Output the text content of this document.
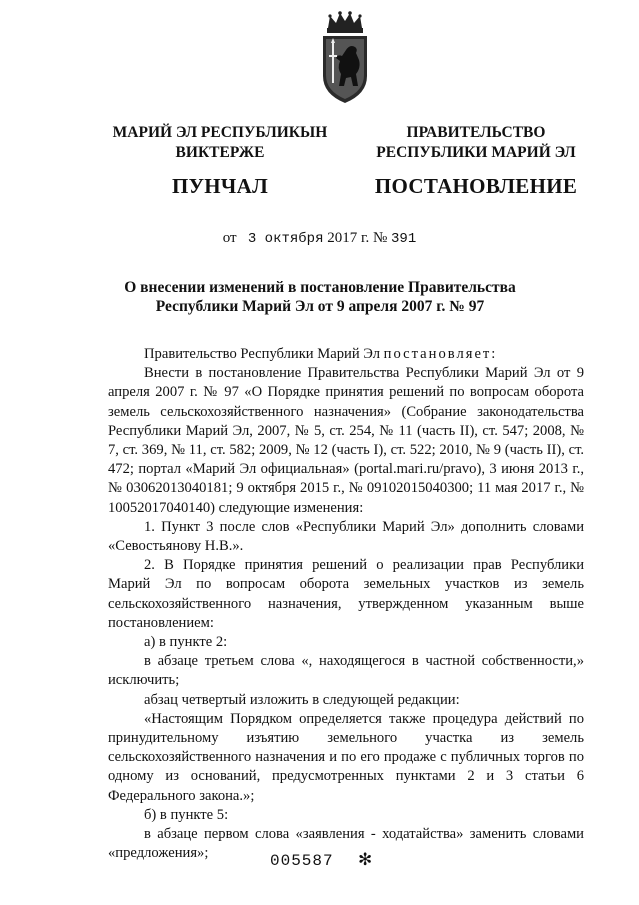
МАРИЙ ЭЛ РЕСПУБЛИКЫН
ВИКТЕРЖЕ
ПУНЧАЛ
ПРАВИТЕЛЬСТВО
РЕСПУБЛИКИ МАРИЙ ЭЛ
ПОСТАНОВЛЕНИЕ
от 3 октября 2017 г. № 391
О внесении изменений в постановление Правительства
Республики Марий Эл от 9 апреля 2007 г. № 97

Правительство Республики Марий Эл постановляет:

Внести в постановление Правительства Республики Марий Эл от 9 апреля 2007 г. № 97 «О Порядке принятия решений по вопросам оборота земель сельскохозяйственного назначения» (Собрание законодательства Республики Марий Эл, 2007, № 5, ст. 254, № 11 (часть II), ст. 547; 2008, № 7, ст. 369, № 11, ст. 582; 2009, № 12 (часть I), ст. 522; 2010, № 9 (часть II), ст. 472; портал «Марий Эл официальная» (portal.mari.ru/pravo), 3 июня 2013 г., № 03062013040181; 9 октября 2015 г., № 09102015040300; 11 мая 2017 г., № 10052017040140) следующие изменения:

1. Пункт 3 после слов «Республики Марий Эл» дополнить словами «Севостьянову Н.В.».

2. В Порядке принятия решений о реализации прав Республики Марий Эл по вопросам оборота земельных участков из земель сельскохозяйственного назначения, утвержденном указанным выше постановлением:

а) в пункте 2:

в абзаце третьем слова «, находящегося в частной собственности,» исключить;

абзац четвертый изложить в следующей редакции:

«Настоящим Порядком определяется также процедура действий по принудительному изъятию земельного участка из земель сельскохозяйственного назначения и по его продаже с публичных торгов по одному из оснований, предусмотренных пунктами 2 и 3 статьи 6 Федерального закона.»;

б) в пункте 5:

в абзаце первом слова «заявления - ходатайства» заменить словами «предложения»;	005587 ✻
